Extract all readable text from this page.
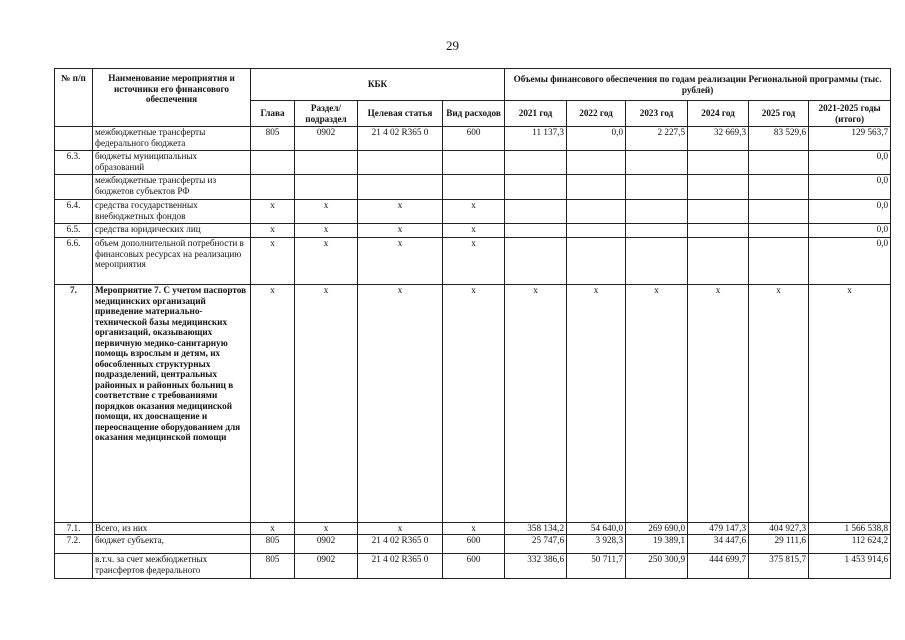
29
№ п/п	Наименование мероприятия и источники его финансового обеспечения	КБК				Объемы финансового обеспечения по годам реализации Региональной программы (тыс. рублей)					
		Глава	Раздел/ подраздел	Целевая статья	Вид расходов	2021 год	2022 год	2023 год	2024 год	2025 год	2021-2025 годы (итого)
	межбюджетные трансферты федерального бюджета	805	0902	21 4 02 R365 0	600	11 137,3	0,0	2 227,5	32 669,3	83 529,6	129 563,7
6.3.	бюджеты муниципальных образований										0,0
	межбюджетные трансферты из бюджетов субъектов РФ										0,0
6.4.	средства государственных внебюджетных фондов	x	x	x	x						0,0
6.5.	средства юридических лиц	x	x	x	x						0,0
6.6.	объем дополнительной потребности в финансовых ресурсах на реализацию мероприятия	x	x	x	x						0,0
7.	Мероприятие 7. С учетом паспортов медицинских организаций приведение материально-технической базы медицинских организаций, оказывающих первичную медико-санитарную помощь взрослым и детям, их обособленных структурных подразделений, центральных районных и районных больниц в соответствие с требованиями порядков оказания медицинской помощи, их дооснащение и переоснащение оборудованием для оказания медицинской помощи	x	x	x	x	x	x	x	x	x	x
7.1.	Всего, из них	x	x	x	x	358 134,2	54 640,0	269 690,0	479 147,3	404 927,3	1 566 538,8
7.2.	бюджет субъекта,	805	0902	21 4 02 R365 0	600	25 747,6	3 928,3	19 389,1	34 447,6	29 111,6	112 624,2
	в.т.ч. за счет межбюджетных трансфертов федерального	805	0902	21 4 02 R365 0	600	332 386,6	50 711,7	250 300,9	444 699,7	375 815,7	1 453 914,6
